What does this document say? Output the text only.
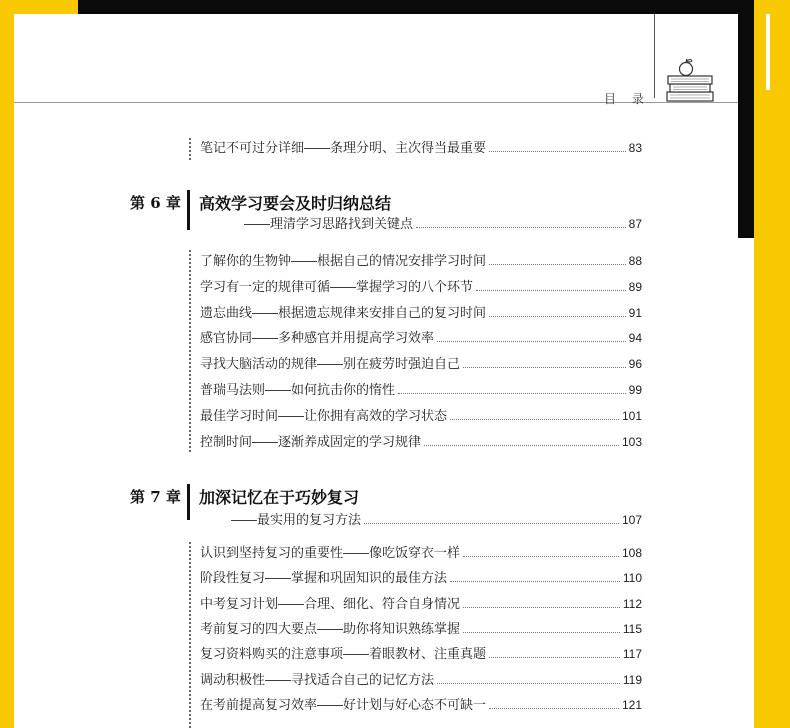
目 录
笔记不可过分详细——条理分明、主次得当最重要	83
第 6 章 高效学习要会及时归纳总结
——理清学习思路找到关键点	87
了解你的生物钟——根据自己的情况安排学习时间	88
学习有一定的规律可循——掌握学习的八个环节	89
遗忘曲线——根据遗忘规律来安排自己的复习时间	91
感官协同——多种感官并用提高学习效率	94
寻找大脑活动的规律——别在疲劳时强迫自己	96
普瑞马法则——如何抗击你的惰性	99
最佳学习时间——让你拥有高效的学习状态	101
控制时间——逐渐养成固定的学习规律	103
第 7 章 加深记忆在于巧妙复习
——最实用的复习方法	107
认识到坚持复习的重要性——像吃饭穿衣一样	108
阶段性复习——掌握和巩固知识的最佳方法	110
中考复习计划——合理、细化、符合自身情况	112
考前复习的四大要点——助你将知识熟练掌握	115
复习资料购买的注意事项——着眼教材、注重真题	117
调动积极性——寻找适合自己的记忆方法	119
在考前提高复习效率——好计划与好心态不可缺一	121
